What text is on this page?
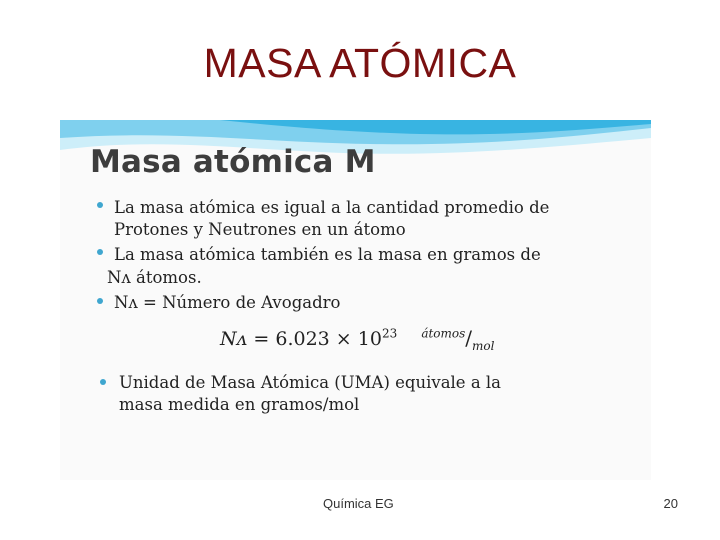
MASA ATÓMICA
Masa atómica M
La masa atómica es igual a la cantidad promedio de
Protones y Neutrones en un átomo
La masa atómica también es la masa en gramos de
Nᴧ átomos.
Nᴧ = Número de Avogadro
Nᴧ = $6.023 \times 10^{23}$ $^{átomos}/_{mol}$
Unidad de Masa Atómica (UMA) equivale a la
masa medida en gramos/mol
Química EG	20
